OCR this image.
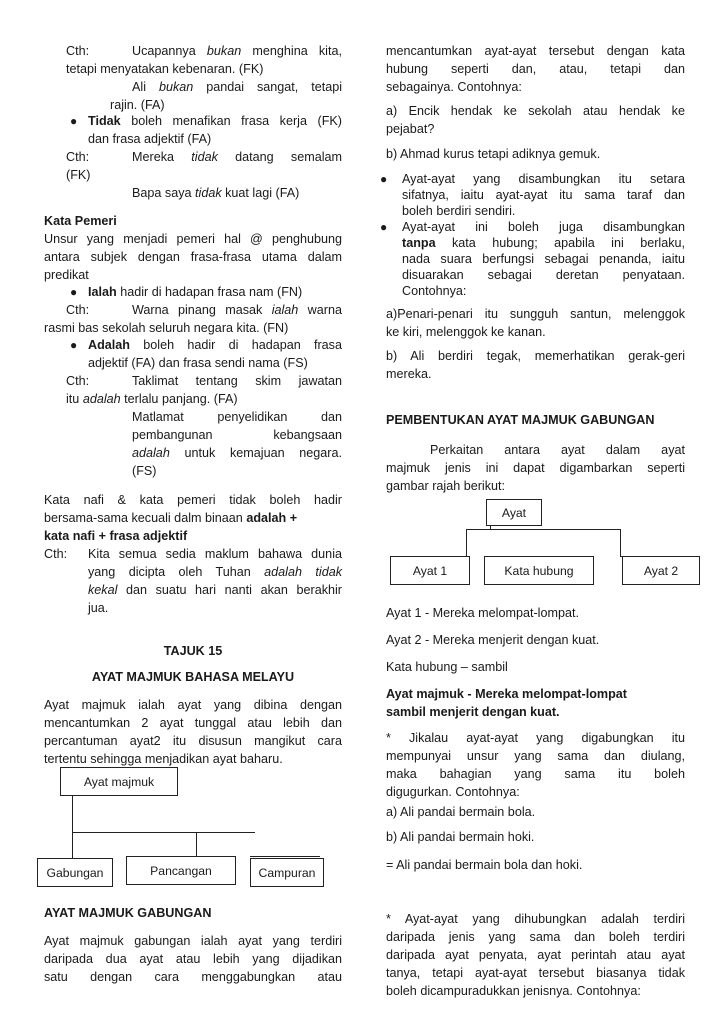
Cth:	Ucapannya bukan menghina kita,
tetapi menyatakan kebenaran. (FK)
Ali bukan pandai sangat, tetapi
rajin. (FA)
● Tidak boleh menafikan frasa kerja (FK)
dan frasa adjektif (FA)
Cth:	Mereka tidak datang semalam
(FK)
Bapa saya tidak kuat lagi (FA)
Kata Pemeri
Unsur yang menjadi pemeri hal @ penghubung
antara subjek dengan frasa-frasa utama dalam
predikat
● Ialah hadir di hadapan frasa nam (FN)
Cth:	Warna pinang masak ialah warna
rasmi bas sekolah seluruh negara kita. (FN)
● Adalah boleh hadir di hadapan frasa
adjektif (FA) dan frasa sendi nama (FS)
Cth:	Taklimat tentang skim jawatan
itu adalah terlalu panjang. (FA)
Matlamat penyelidikan dan
pembangunan kebangsaan
adalah untuk kemajuan negara.
(FS)
Kata nafi & kata pemeri tidak boleh hadir
bersama-sama kecuali dalm binaan adalah +
kata nafi + frasa adjektif
Cth: Kita semua sedia maklum bahawa dunia
yang dicipta oleh Tuhan adalah tidak
kekal dan suatu hari nanti akan berakhir
jua.
TAJUK 15
AYAT MAJMUK BAHASA MELAYU
Ayat majmuk ialah ayat yang dibina dengan
mencantumkan 2 ayat tunggal atau lebih dan
percantuman ayat2 itu disusun mangikut cara
tertentu sehingga menjadikan ayat baharu.
Ayat majmuk
Gabungan	Pancangan	Campuran
AYAT MAJMUK GABUNGAN
Ayat majmuk gabungan ialah ayat yang terdiri
daripada dua ayat atau lebih yang dijadikan
satu dengan cara menggabungkan atau
mencantumkan ayat-ayat tersebut dengan kata
hubung seperti dan, atau, tetapi dan
sebagainya. Contohnya:
a) Encik hendak ke sekolah atau hendak ke
pejabat?
b) Ahmad kurus tetapi adiknya gemuk.
● Ayat-ayat yang disambungkan itu setara
sifatnya, iaitu ayat-ayat itu sama taraf dan
boleh berdiri sendiri.
● Ayat-ayat ini boleh juga disambungkan
tanpa kata hubung; apabila ini berlaku,
nada suara berfungsi sebagai penanda, iaitu
disuarakan sebagai deretan penyataan.
Contohnya:
a)Penari-penari itu sungguh santun, melenggok
ke kiri, melenggok ke kanan.
b) Ali berdiri tegak, memerhatikan gerak-geri
mereka.
PEMBENTUKAN AYAT MAJMUK GABUNGAN
Perkaitan antara ayat dalam ayat
majmuk jenis ini dapat digambarkan seperti
gambar rajah berikut:
Ayat
Ayat 1	Kata hubung	Ayat 2
Ayat 1 - Mereka melompat-lompat.
Ayat 2 - Mereka menjerit dengan kuat.
Kata hubung – sambil
Ayat majmuk - Mereka melompat-lompat
sambil menjerit dengan kuat.
* Jikalau ayat-ayat yang digabungkan itu
mempunyai unsur yang sama dan diulang,
maka bahagian yang sama itu boleh
digugurkan. Contohnya:
a) Ali pandai bermain bola.
b) Ali pandai bermain hoki.
= Ali pandai bermain bola dan hoki.
* Ayat-ayat yang dihubungkan adalah terdiri
daripada jenis yang sama dan boleh terdiri
daripada ayat penyata, ayat perintah atau ayat
tanya, tetapi ayat-ayat tersebut biasanya tidak
boleh dicampuradukkan jenisnya. Contohnya:
